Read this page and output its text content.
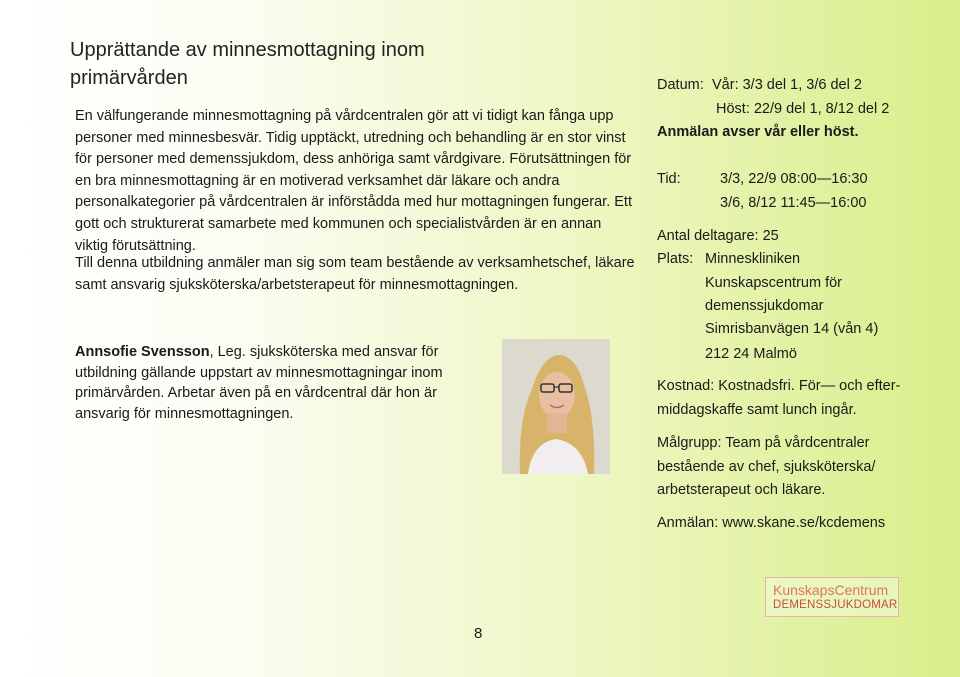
Upprättande av minnesmottagning inom primärvården

En välfungerande minnesmottagning på vårdcentralen gör att vi tidigt kan fånga upp personer med minnesbesvär. Tidig upptäckt, utredning och behandling är en stor vinst för personer med demenssjukdom, dess anhöriga samt vårdgivare. Förutsättningen för en bra minnesmottagning är en motiverad verksamhet där läkare och andra personalkategorier på vårdcentralen är införstådda med hur mottagningen fungerar. Ett gott och strukturerat samarbete med kommunen och specialistvården är en annan viktig förutsättning.

Till denna utbildning anmäler man sig som team bestående av verksamhetschef, läkare samt ansvarig sjuksköterska/arbetsterapeut för minnesmottagningen.

Annsofie Svensson, Leg. sjuksköterska med ansvar för utbildning gällande uppstart av minnesmottagningar inom primärvården. Arbetar även på en vårdcentral där hon är ansvarig för minnesmottagningen.

Datum: Vår: 3/3 del 1, 3/6 del 2
Höst: 22/9 del 1, 8/12 del 2
Anmälan avser vår eller höst.
Tid:	3/3, 22/9 08:00—16:30
3/6, 8/12 11:45—16:00
Antal deltagare: 25
Plats: Minneskliniken
Kunskapscentrum för
demenssjukdomar
Simrisbanvägen 14 (vån 4)
212 24 Malmö
Kostnad: Kostnadsfri. För— och efter-
middagskaffe samt lunch ingår.
Målgrupp: Team på vårdcentraler
bestående av chef, sjuksköterska/
arbetsterapeut och läkare.
Anmälan: www.skane.se/kcdemens
KunskapsCentrum
DEMENSSJUKDOMAR
8
